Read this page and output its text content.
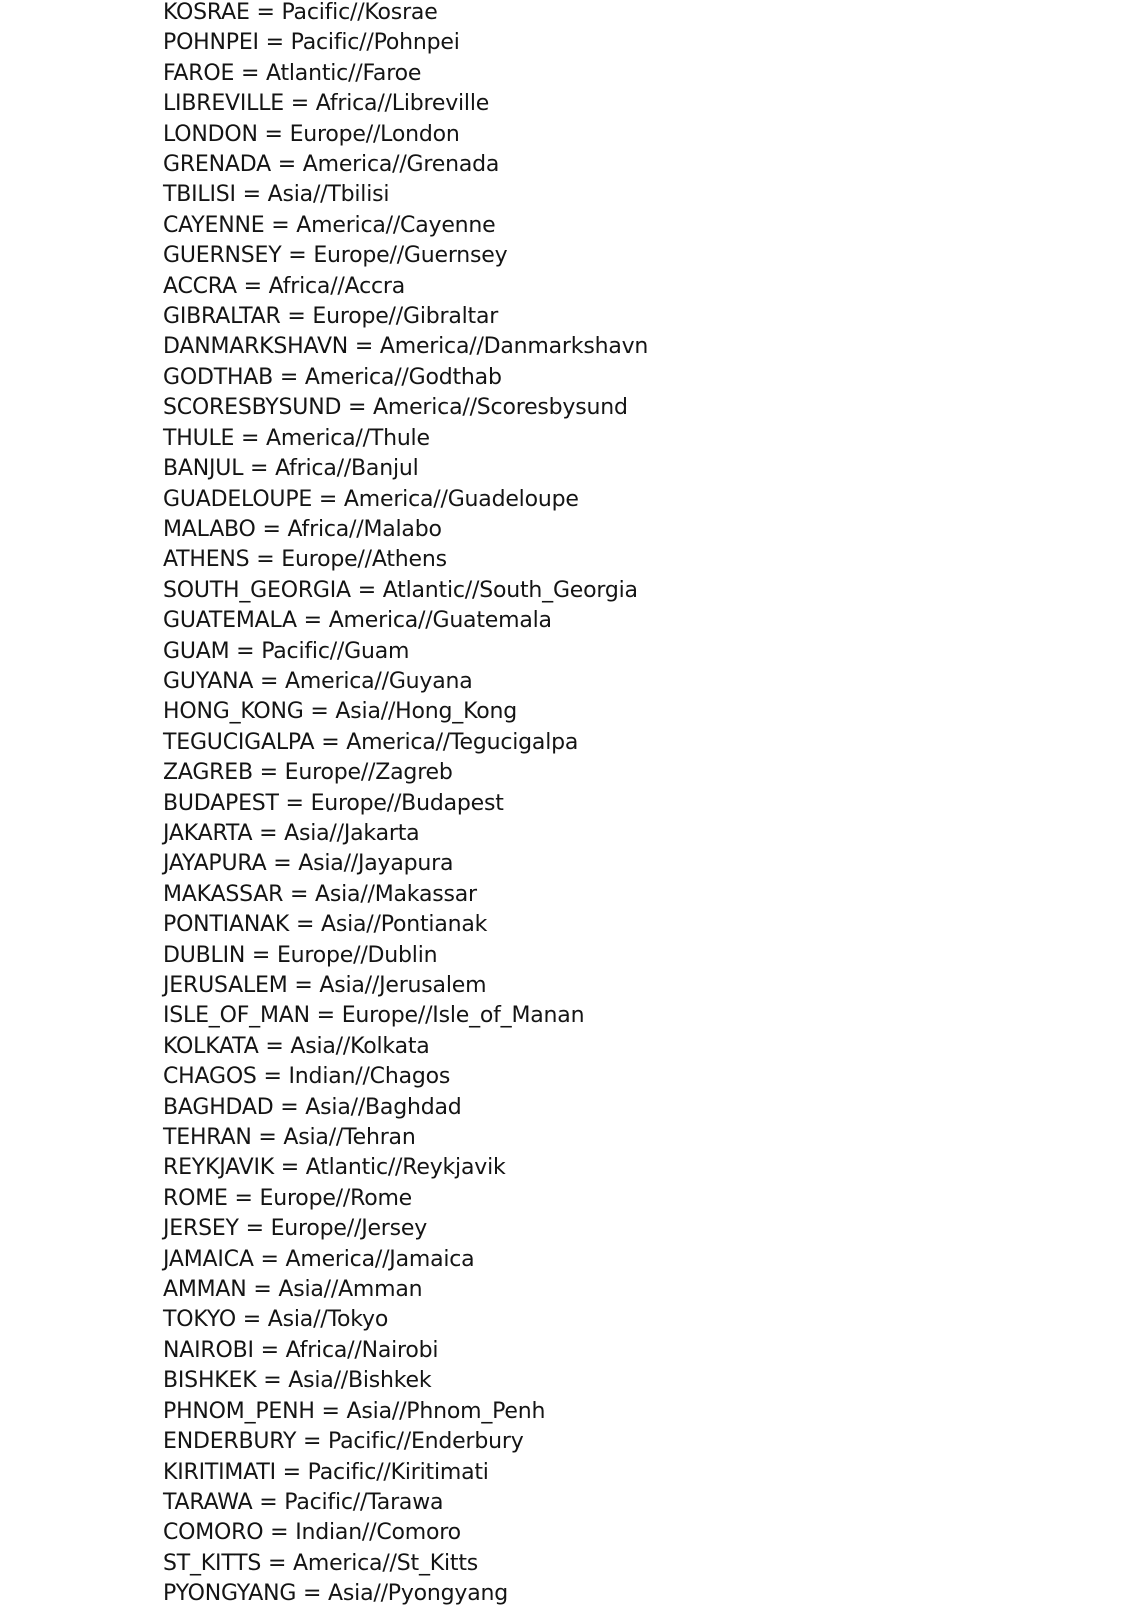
KOSRAE = Pacific//Kosrae
POHNPEI = Pacific//Pohnpei
FAROE = Atlantic//Faroe
LIBREVILLE = Africa//Libreville
LONDON = Europe//London
GRENADA = America//Grenada
TBILISI = Asia//Tbilisi
CAYENNE = America//Cayenne
GUERNSEY = Europe//Guernsey
ACCRA = Africa//Accra
GIBRALTAR = Europe//Gibraltar
DANMARKSHAVN = America//Danmarkshavn
GODTHAB = America//Godthab
SCORESBYSUND = America//Scoresbysund
THULE = America//Thule
BANJUL = Africa//Banjul
GUADELOUPE = America//Guadeloupe
MALABO = Africa//Malabo
ATHENS = Europe//Athens
SOUTH_GEORGIA = Atlantic//South_Georgia
GUATEMALA = America//Guatemala
GUAM = Pacific//Guam
GUYANA = America//Guyana
HONG_KONG = Asia//Hong_Kong
TEGUCIGALPA = America//Tegucigalpa
ZAGREB = Europe//Zagreb
BUDAPEST = Europe//Budapest
JAKARTA = Asia//Jakarta
JAYAPURA = Asia//Jayapura
MAKASSAR = Asia//Makassar
PONTIANAK = Asia//Pontianak
DUBLIN = Europe//Dublin
JERUSALEM = Asia//Jerusalem
ISLE_OF_MAN = Europe//Isle_of_Manan
KOLKATA = Asia//Kolkata
CHAGOS = Indian//Chagos
BAGHDAD = Asia//Baghdad
TEHRAN = Asia//Tehran
REYKJAVIK = Atlantic//Reykjavik
ROME = Europe//Rome
JERSEY = Europe//Jersey
JAMAICA = America//Jamaica
AMMAN = Asia//Amman
TOKYO = Asia//Tokyo
NAIROBI = Africa//Nairobi
BISHKEK = Asia//Bishkek
PHNOM_PENH = Asia//Phnom_Penh
ENDERBURY = Pacific//Enderbury
KIRITIMATI = Pacific//Kiritimati
TARAWA = Pacific//Tarawa
COMORO = Indian//Comoro
ST_KITTS = America//St_Kitts
PYONGYANG = Asia//Pyongyang
